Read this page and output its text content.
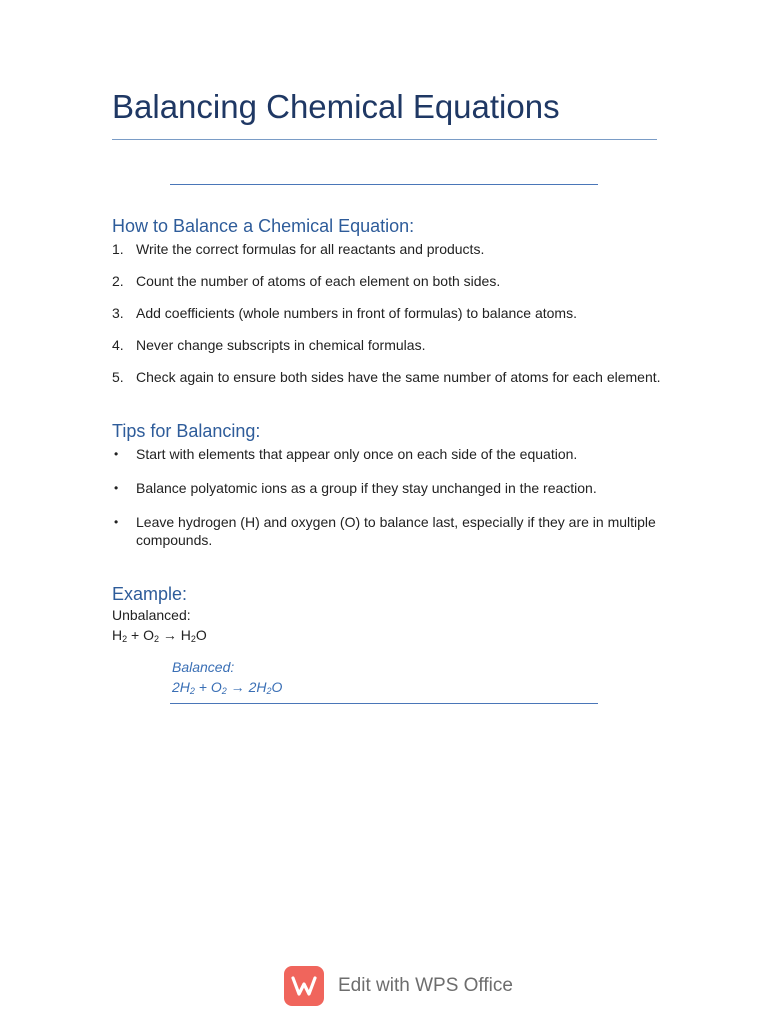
Balancing Chemical Equations
How to Balance a Chemical Equation:
1. Write the correct formulas for all reactants and products.
2. Count the number of atoms of each element on both sides.
3. Add coefficients (whole numbers in front of formulas) to balance atoms.
4. Never change subscripts in chemical formulas.
5. Check again to ensure both sides have the same number of atoms for each element.
Tips for Balancing:
• Start with elements that appear only once on each side of the equation.
• Balance polyatomic ions as a group if they stay unchanged in the reaction.
• Leave hydrogen (H) and oxygen (O) to balance last, especially if they are in multiple compounds.
Example:
Unbalanced:
$H_2 + O_2 \to H_2O$
Balanced:
$2H_2 + O_2 \to 2H_2O$
Edit with WPS Office
